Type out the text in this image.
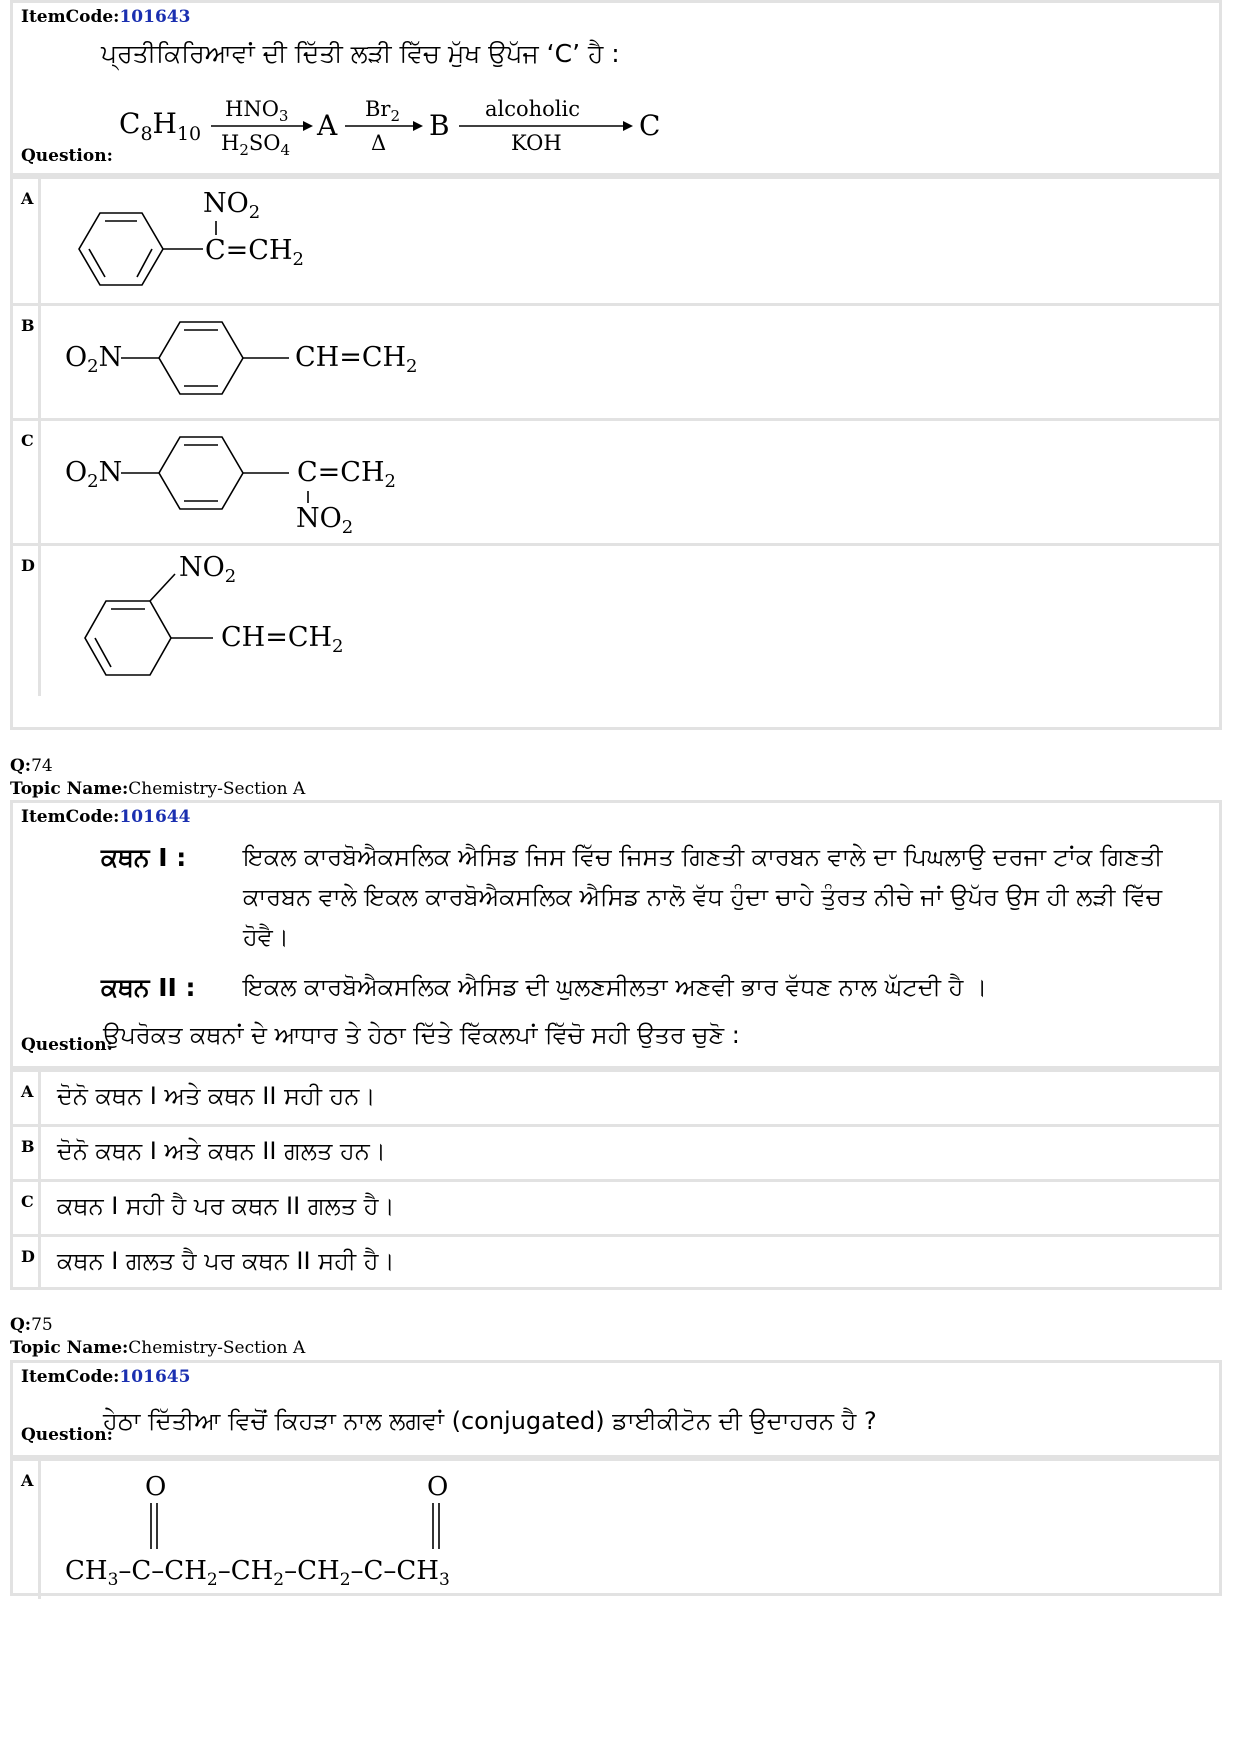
ItemCode:101643
ਪ੍ਰਤੀਕਿਰਿਆਵਾਂ ਦੀ ਦਿੱਤੀ ਲੜੀ ਵਿੱਚ ਮੁੱਖ ਉਪੱਜ ‘C’ ਹੈ :
Question:
$C_8H_{10}$
$HNO_3$
$H_2SO_4$
A $Br_2$
Δ
B alcoholic
KOH
C
A	$NO_2$
$C=CH_2$
B
$O_2N$	$CH=CH_2$
C
$O_2N$	$C=CH_2$
$NO_2$
D	$NO_2$
$CH=CH_2$
Q:74
Topic Name:Chemistry-Section A
ItemCode:101644
ਕਥਨ I : ਇਕਲ ਕਾਰਬੋਐਕਸਲਿਕ ਐਸਿਡ ਜਿਸ ਵਿੱਚ ਜਿਸਤ ਗਿਣਤੀ ਕਾਰਬਨ ਵਾਲੇ ਦਾ ਪਿਘਲਾਉ ਦਰਜਾ ਟਾਂਕ ਗਿਣਤੀ
ਕਾਰਬਨ ਵਾਲੇ ਇਕਲ ਕਾਰਬੋਐਕਸਲਿਕ ਐਸਿਡ ਨਾਲੋ ਵੱਧ ਹੁੰਦਾ ਚਾਹੇ ਤੁੰਰਤ ਨੀਚੇ ਜਾਂ ਉਪੱਰ ਉਸ ਹੀ ਲੜੀ ਵਿੱਚ
ਹੋਵੈ।
ਕਥਨ II : ਇਕਲ ਕਾਰਬੋਐਕਸਲਿਕ ਐਸਿਡ ਦੀ ਘੁਲਣਸੀਲਤਾ ਅਣਵੀ ਭਾਰ ਵੱਧਣ ਨਾਲ ਘੱਟਦੀ ਹੈ ।
Question:
ਉਪਰੋਕਤ ਕਥਨਾਂ ਦੇ ਆਧਾਰ ਤੇ ਹੇਠਾ ਦਿੱਤੇ ਵਿੱਕਲਪਾਂ ਵਿੱਚੋ ਸਹੀ ਉਤਰ ਚੁਣੋ :
A ਦੋਨੋ ਕਥਨ I ਅਤੇ ਕਥਨ II ਸਹੀ ਹਨ।
B ਦੋਨੋ ਕਥਨ I ਅਤੇ ਕਥਨ II ਗਲਤ ਹਨ।
C ਕਥਨ I ਸਹੀ ਹੈ ਪਰ ਕਥਨ II ਗਲਤ ਹੈ।
D ਕਥਨ I ਗਲਤ ਹੈ ਪਰ ਕਥਨ II ਸਹੀ ਹੈ।
Q:75
Topic Name:Chemistry-Section A
ItemCode:101645
Question:
ਹੇਠਾ ਦਿੱਤੀਆ ਵਿਚੋਂ ਕਿਹੜਾ ਨਾਲ ਲਗਵਾਂ (conjugated) ਡਾਈਕੀਟੋਨ ਦੀ ਉਦਾਹਰਨ ਹੈ ?
A	O	O
$CH_3-C-CH_2-CH_2-CH_2-C-CH_3$
